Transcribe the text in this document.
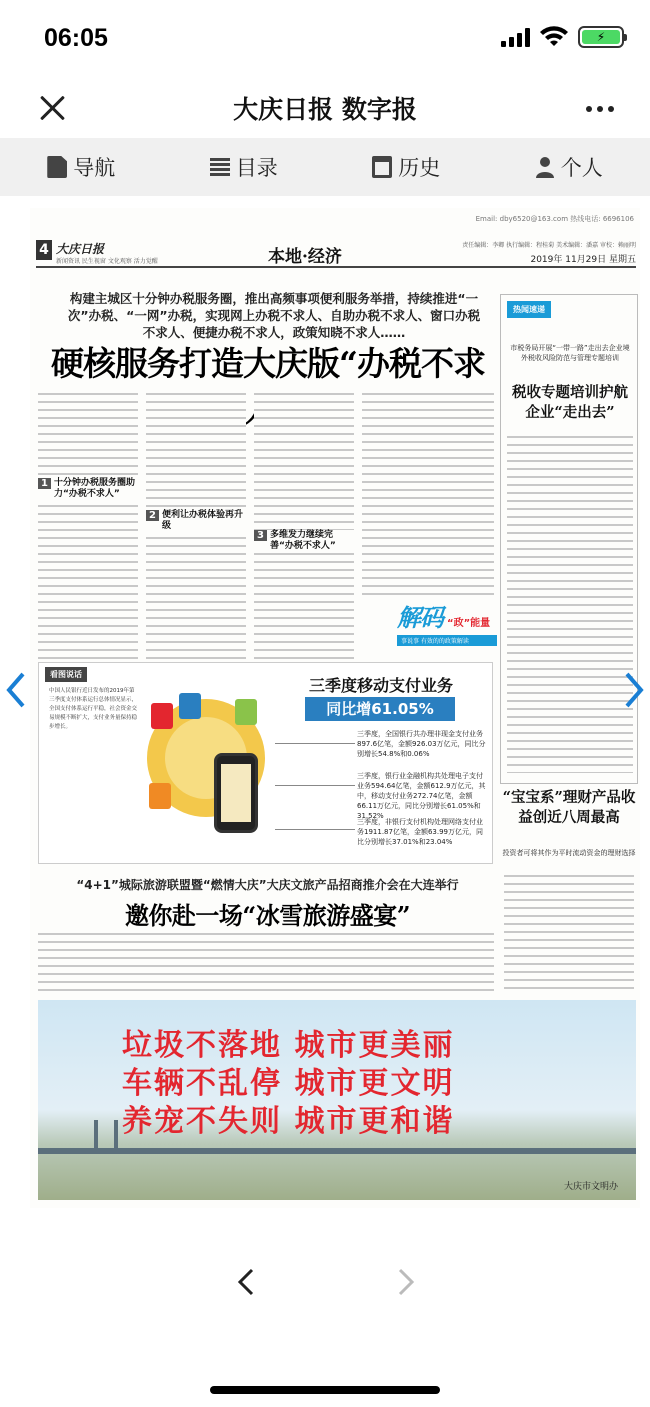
06:05	⚡
大庆日报 数字报
导航	目录	历史	个人
Email: dby6520@163.com 热线电话: 6696106
4 大庆日报
新闻资讯 民生视窗 文化观察 活力觉醒	本地·经济
责任编辑：李卿 执行编辑：程桂菊 美术编辑：潘嘉 审校：赖丽明
2019年 11月29日 星期五
构建主城区十分钟办税服务圈，推出高频事项便利服务举措，持续推进“一次”办税、“一网”办税，实现网上办税不求人、自助办税不求人、窗口办税不求人、便捷办税不求人，政策知晓不求人……
硬核服务打造大庆版“办税不求
1 十分钟办税服务圈助力“办税不求人”
2 便利让办税体验再升级
3 多维发力继续完善“办税不求人”
解码 “政”能量
事说事 有效的的政策解读
热闻速递
市税务局开展“一带一路”走出去企业境外税收风险防范与管理专题培训
税收专题培训护航企业“走出去”
“宝宝系”理财产品收益创近八周最高
投资者可将其作为平时流动资金的理财选择
看图说话
中国人民银行近日发布的2019年第三季度支付体系运行总体情况显示，全国支付体系运行平稳，社会资金交易规模不断扩大，支付业务量保持稳步增长。
三季度移动支付业务
同比增61.05%
三季度，全国银行共办理非现金支付业务 897.6亿笔，金额926.03万亿元，同比分别增长54.8%和0.06%
三季度，银行业金融机构共处理电子支付业务594.64亿笔，金额612.9万亿元，其中，移动支付业务272.74亿笔，金额66.11万亿元，同比分别增长61.05%和31.52%
三季度，非银行支付机构处理网络支付业务1911.87亿笔，金额63.99万亿元，同比分别增长37.01%和23.04%
“4+1”城际旅游联盟暨“燃情大庆”大庆文旅产品招商推介会在大连举行
邀你赴一场“冰雪旅游盛宴”
垃圾不落地 城市更美丽
车辆不乱停 城市更文明
养宠不失则 城市更和谐
大庆市文明办
